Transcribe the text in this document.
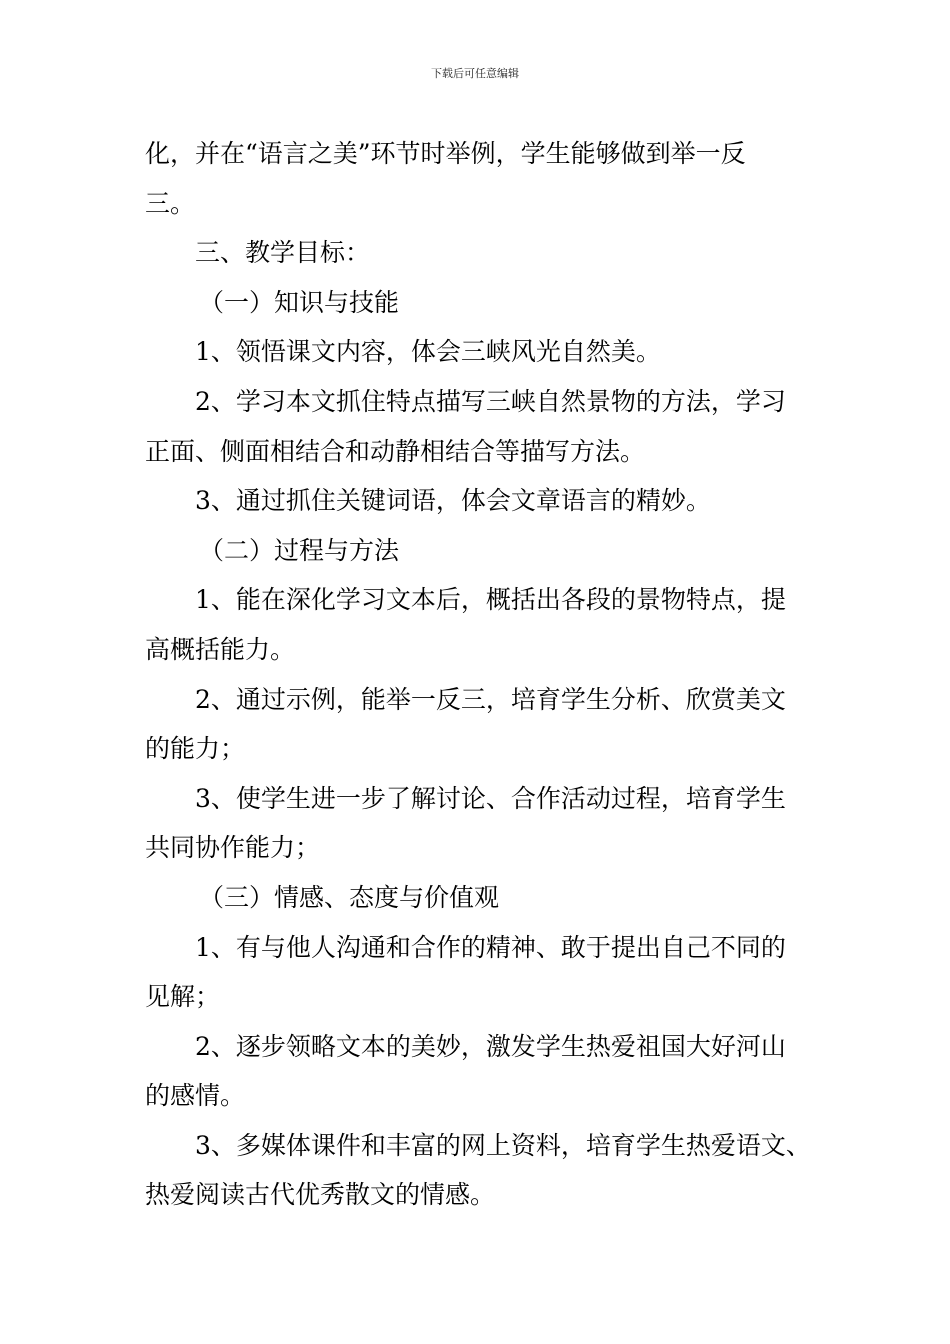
下载后可任意编辑
化，并在“语言之美”环节时举例，学生能够做到举一反
三。
三、教学目标：
（一）知识与技能
1、领悟课文内容，体会三峡风光自然美。
2、学习本文抓住特点描写三峡自然景物的方法，学习
正面、侧面相结合和动静相结合等描写方法。
3、通过抓住关键词语，体会文章语言的精妙。
（二）过程与方法
1、能在深化学习文本后，概括出各段的景物特点，提
高概括能力。
2、通过示例，能举一反三，培育学生分析、欣赏美文
的能力；
3、使学生进一步了解讨论、合作活动过程，培育学生
共同协作能力；
（三）情感、态度与价值观
1、有与他人沟通和合作的精神、敢于提出自己不同的
见解；
2、逐步领略文本的美妙，激发学生热爱祖国大好河山
的感情。
3、多媒体课件和丰富的网上资料，培育学生热爱语文、
热爱阅读古代优秀散文的情感。
